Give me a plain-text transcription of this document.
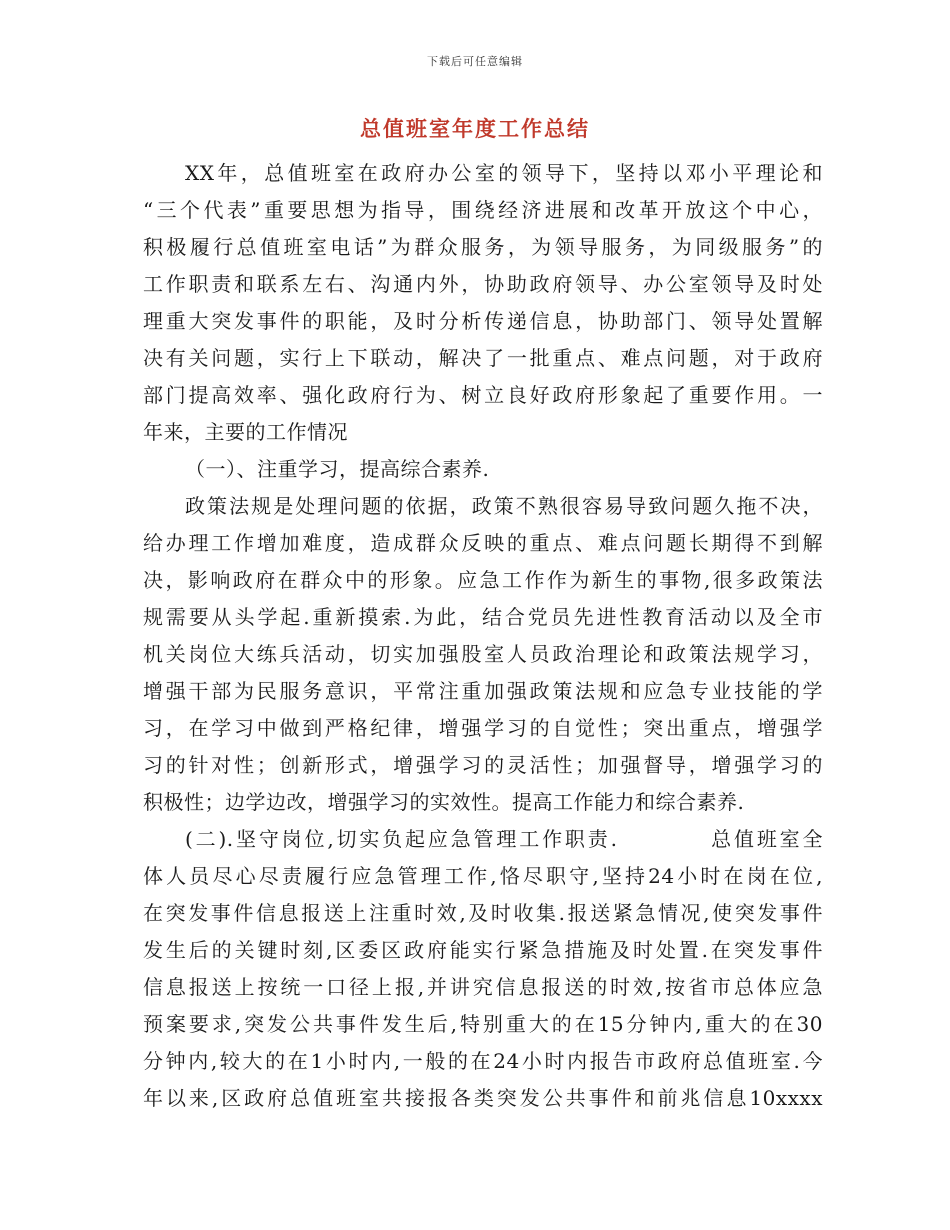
下载后可任意编辑
总值班室年度工作总结
XX年，总值班室在政府办公室的领导下，坚持以邓小平理论和
“三个代表”重要思想为指导，围绕经济进展和改革开放这个中心，
积极履行总值班室电话”为群众服务，为领导服务，为同级服务”的
工作职责和联系左右、沟通内外，协助政府领导、办公室领导及时处
理重大突发事件的职能，及时分析传递信息，协助部门、领导处置解
决有关问题，实行上下联动，解决了一批重点、难点问题，对于政府
部门提高效率、强化政府行为、树立良好政府形象起了重要作用。一
年来，主要的工作情况
（一）、注重学习，提高综合素养.
政策法规是处理问题的依据，政策不熟很容易导致问题久拖不决，
给办理工作增加难度，造成群众反映的重点、难点问题长期得不到解
决，影响政府在群众中的形象。应急工作作为新生的事物,很多政策法
规需要从头学起.重新摸索.为此，结合党员先进性教育活动以及全市
机关岗位大练兵活动，切实加强股室人员政治理论和政策法规学习，
增强干部为民服务意识，平常注重加强政策法规和应急专业技能的学
习，在学习中做到严格纪律，增强学习的自觉性；突出重点，增强学
习的针对性；创新形式，增强学习的灵活性；加强督导，增强学习的
积极性；边学边改，增强学习的实效性。提高工作能力和综合素养.
(二).坚守岗位,切实负起应急管理工作职责.　　　　总值班室全
体人员尽心尽责履行应急管理工作,恪尽职守,坚持24小时在岗在位,
在突发事件信息报送上注重时效,及时收集.报送紧急情况,使突发事件
发生后的关键时刻,区委区政府能实行紧急措施及时处置.在突发事件
信息报送上按统一口径上报,并讲究信息报送的时效,按省市总体应急
预案要求,突发公共事件发生后,特别重大的在15分钟内,重大的在30
分钟内,较大的在1小时内,一般的在24小时内报告市政府总值班室.今
年以来,区政府总值班室共接报各类突发公共事件和前兆信息10xxxx
